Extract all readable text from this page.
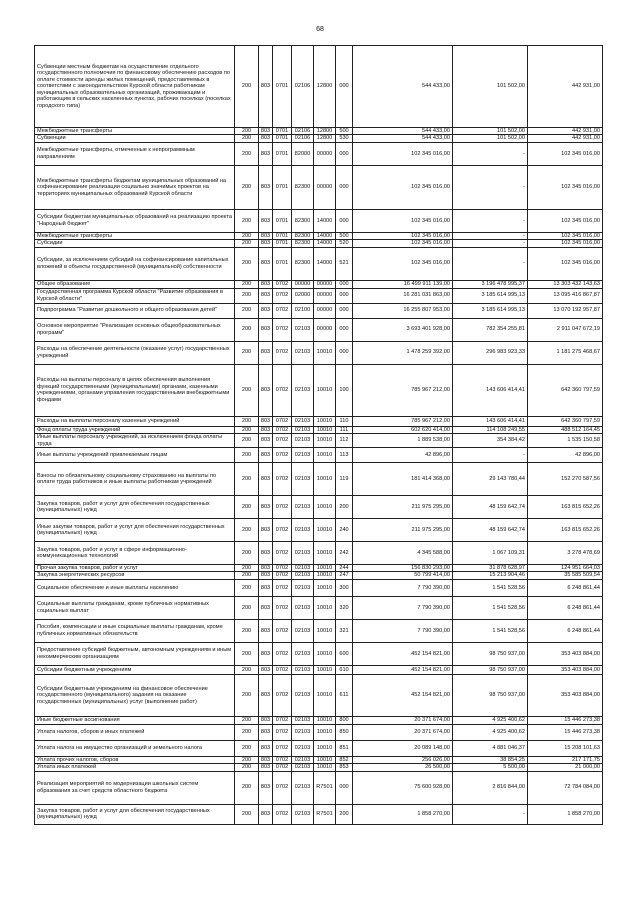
68
Субвенции местным бюджетам на осуществление отдельного государственного полномочия по финансовому обеспечению расходов по оплате стоимости аренды жилых помещений, предоставляемых в соответствии с законодательством Курской области работникам муниципальных образовательных организаций, проживающим и работающим в сельских населенных пунктах, рабочих поселках (поселках городского типа)	200	803	0701	02106	12800	000	544 433,00	101 502,00	442 931,00
Межбюджетные трансферты	200	803	0701	02106	12800	500	544 433,00	101 502,00	442 931,00
Субвенции	200	803	0701	02106	12800	530	544 433,00	101 502,00	442 931,00
Межбюджетные трансферты, отмеченные к непрограммным направлениям	200	803	0701	82000	00000	000	102 345 016,00	-	102 345 016,00
Межбюджетные трансферты бюджетам муниципальных образований на софинансирование реализации социально значимых проектов на территориях муниципальных образований Курской области	200	803	0701	82300	00000	000	102 345 016,00	-	102 345 016,00
Субсидии бюджетам муниципальных образований на реализацию проекта "Народный бюджет"	200	803	0701	82300	14000	000	102 345 016,00	-	102 345 016,00
Межбюджетные трансферты	200	803	0701	82300	14000	500	102 345 016,00	-	102 345 016,00
Субсидии	200	803	0701	82300	14000	520	102 345 016,00	-	102 345 016,00
Субсидии, за исключением субсидий на софинансирование капитальных вложений в объекты государственной (муниципальной) собственности	200	803	0701	82300	14000	521	102 345 016,00	-	102 345 016,00
Общее образование	200	803	0702	00000	00000	000	16 499 911 139,00	3 196 478 995,37	13 303 432 143,63
Государственная программа Курской области "Развитие образования в Курской области"	200	803	0702	02000	00000	000	16 281 031 863,00	3 185 614 995,13	13 095 416 867,87
Подпрограмма "Развитие дошкольного и общего образования детей"	200	803	0702	02100	00000	000	16 255 807 953,00	3 185 614 995,13	13 070 192 957,87
Основное мероприятие "Реализация основных общеобразовательных программ"	200	803	0702	02103	00000	000	3 693 401 928,00	782 354 255,81	2 911 047 672,19
Расходы на обеспечение деятельности (оказание услуг) государственных учреждений	200	803	0702	02103	10010	000	1 478 259 392,00	296 983 923,33	1 181 275 468,67
Расходы на выплаты персоналу в целях обеспечения выполнения функций государственными (муниципальными) органами, казенными учреждениями, органами управления государственными внебюджетными фондами	200	803	0702	02103	10010	100	785 967 212,00	143 606 414,41	642 360 797,59
Расходы на выплаты персоналу казенных учреждений	200	803	0702	02103	10010	110	785 967 212,00	143 606 414,41	642 360 797,59
Фонд оплаты труда учреждений	200	803	0702	02103	10010	111	602 620 414,00	114 108 249,55	488 512 164,45
Иные выплаты персоналу учреждений, за исключением фонда оплаты труда	200	803	0702	02103	10010	112	1 889 538,00	354 384,42	1 535 150,58
Иные выплаты учреждений привлекаемым лицам	200	803	0702	02103	10010	113	42 896,00	-	42 896,00
Взносы по обязательному социальному страхованию на выплаты по оплате труда работников и иные выплаты работникам учреждений	200	803	0702	02103	10010	119	181 414 368,00	29 143 780,44	152 270 587,56
Закупка товаров, работ и услуг для обеспечения государственных (муниципальных) нужд	200	803	0702	02103	10010	200	211 975 295,00	48 159 642,74	163 815 652,26
Иные закупки товаров, работ и услуг для обеспечения государственных (муниципальных) нужд	200	803	0702	02103	10010	240	211 975 295,00	48 159 642,74	163 815 652,26
Закупка товаров, работ и услуг в сфере информационно-коммуникационных технологий	200	803	0702	02103	10010	242	4 345 588,00	1 067 109,31	3 278 478,69
Прочая закупка товаров, работ и услуг	200	803	0702	02103	10010	244	156 830 293,00	31 878 628,97	124 951 664,03
Закупка энергетических ресурсов	200	803	0702	02103	10010	247	50 799 414,00	15 213 904,46	35 585 509,54
Социальное обеспечение и иные выплаты населению	200	803	0702	02103	10010	300	7 790 390,00	1 541 528,56	6 248 861,44
Социальные выплаты гражданам, кроме публичных нормативных социальных выплат	200	803	0702	02103	10010	320	7 790 390,00	1 541 528,56	6 248 861,44
Пособия, компенсации и иные социальные выплаты гражданам, кроме публичных нормативных обязательств	200	803	0702	02103	10010	321	7 790 390,00	1 541 528,56	6 248 861,44
Предоставление субсидий бюджетным, автономным учреждениям и иным некоммерческим организациям	200	803	0702	02103	10010	600	452 154 821,00	98 750 937,00	353 403 884,00
Субсидии бюджетным учреждениям	200	803	0702	02103	10010	610	452 154 821,00	98 750 937,00	353 403 884,00
Субсидии бюджетным учреждениям на финансовое обеспечение государственного (муниципального) задания на оказание государственных (муниципальных) услуг (выполнение работ)	200	803	0702	02103	10010	611	452 154 821,00	98 750 937,00	353 403 884,00
Иные бюджетные ассигнования	200	803	0702	02103	10010	800	20 371 674,00	4 925 400,62	15 446 273,38
Уплата налогов, сборов и иных платежей	200	803	0702	02103	10010	850	20 371 674,00	4 925 400,62	15 446 273,38
Уплата налога на имущество организаций и земельного налога	200	803	0702	02103	10010	851	20 089 148,00	4 881 046,37	15 208 101,63
Уплата прочих налогов, сборов	200	803	0702	02103	10010	852	256 026,00	38 854,25	217 171,75
Уплата иных платежей	200	803	0702	02103	10010	853	26 500,00	5 500,00	21 000,00
Реализация мероприятий по модернизации школьных систем образования за счет средств областного бюджета	200	803	0702	02103	R7501	000	75 600 928,00	2 816 844,00	72 784 084,00
Закупка товаров, работ и услуг для обеспечения государственных (муниципальных) нужд	200	803	0702	02103	R7501	200	1 858 270,00	-	1 858 270,00
